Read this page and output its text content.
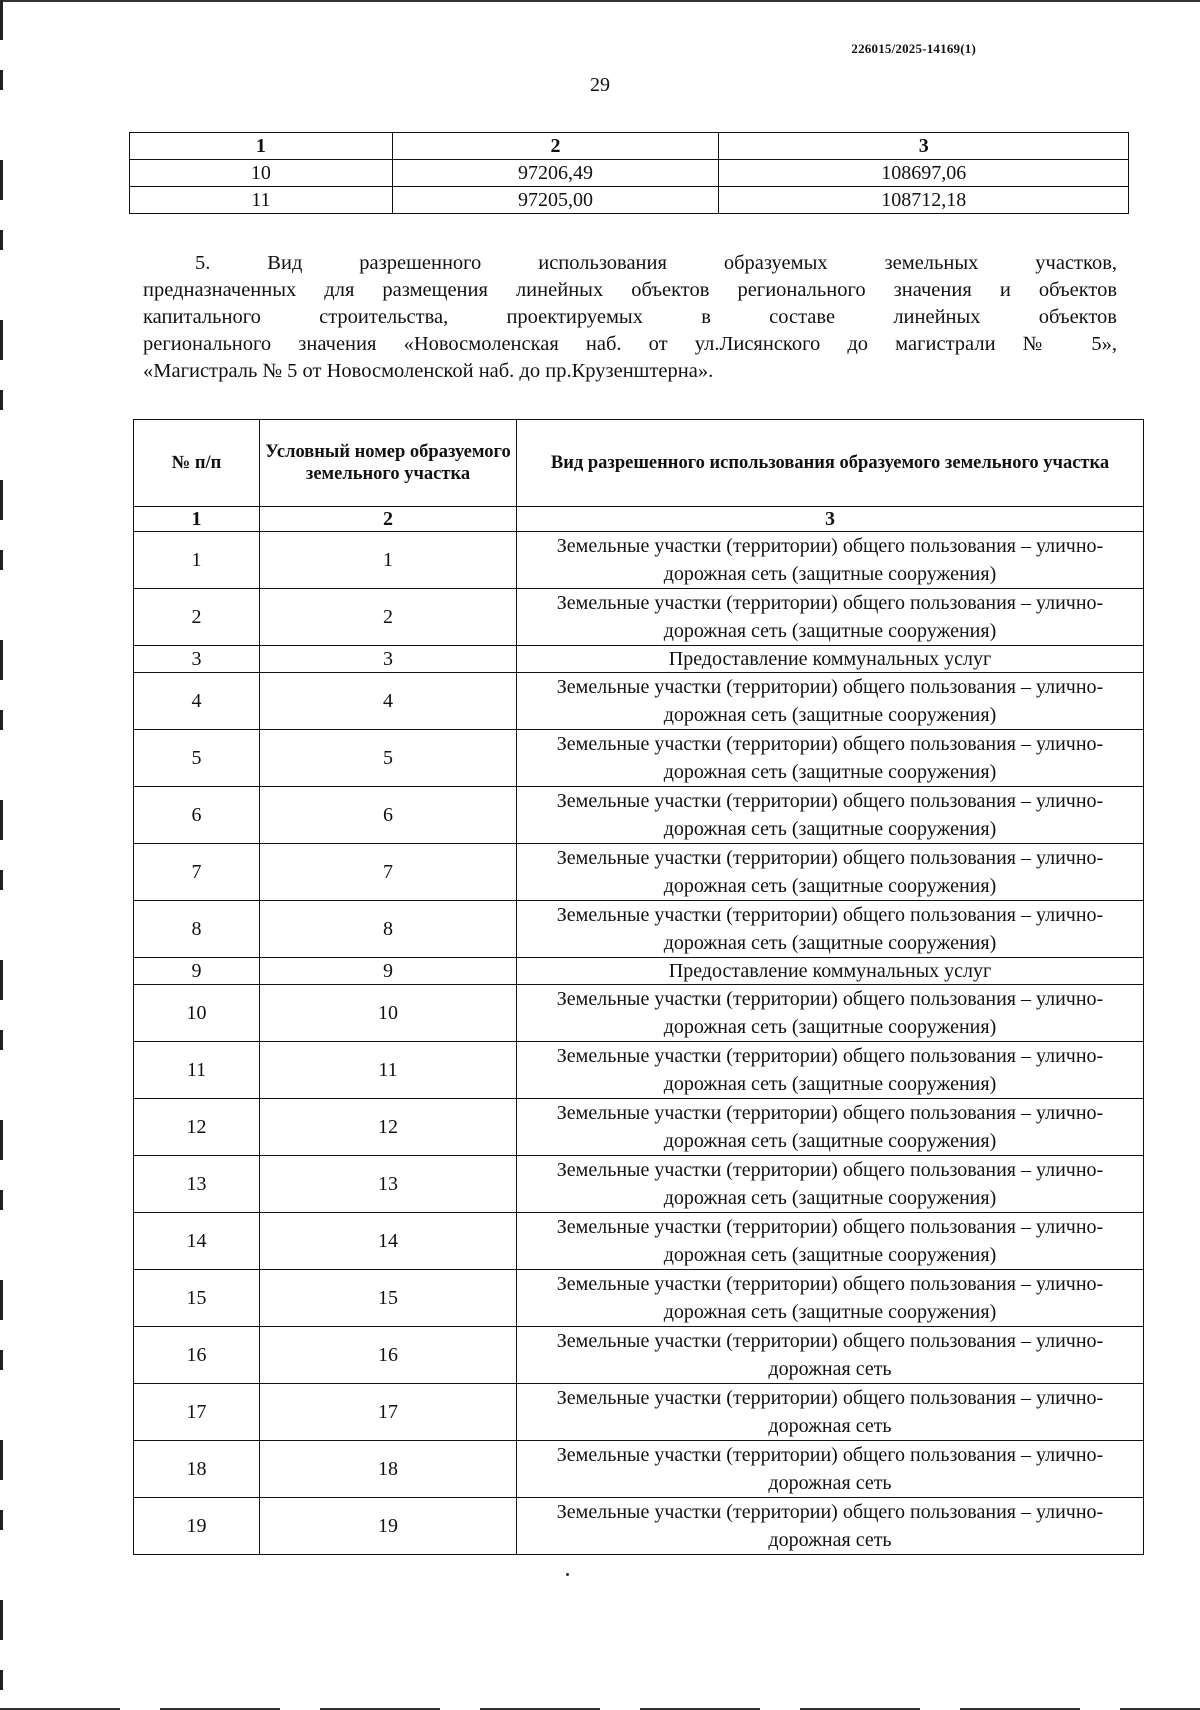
226015/2025-14169(1)
29
1	2	3
10	97206,49	108697,06
11	97205,00	108712,18
5. Вид разрешенного использования образуемых земельных участков,
предназначенных для размещения линейных объектов регионального значения и объектов
капитального строительства, проектируемых в составе линейных объектов
регионального значения «Новосмоленская наб. от ул.Лисянского до магистрали № 5»,
«Магистраль № 5 от Новосмоленской наб. до пр.Крузенштерна».
№ п/п	Условный номер образуемого земельного участка	Вид разрешенного использования образуемого земельного участка
1	2	3
1	1	Земельные участки (территории) общего пользования – улично-дорожная сеть (защитные сооружения)
2	2	Земельные участки (территории) общего пользования – улично-дорожная сеть (защитные сооружения)
3	3	Предоставление коммунальных услуг
4	4	Земельные участки (территории) общего пользования – улично-дорожная сеть (защитные сооружения)
5	5	Земельные участки (территории) общего пользования – улично-дорожная сеть (защитные сооружения)
6	6	Земельные участки (территории) общего пользования – улично-дорожная сеть (защитные сооружения)
7	7	Земельные участки (территории) общего пользования – улично-дорожная сеть (защитные сооружения)
8	8	Земельные участки (территории) общего пользования – улично-дорожная сеть (защитные сооружения)
9	9	Предоставление коммунальных услуг
10	10	Земельные участки (территории) общего пользования – улично-дорожная сеть (защитные сооружения)
11	11	Земельные участки (территории) общего пользования – улично-дорожная сеть (защитные сооружения)
12	12	Земельные участки (территории) общего пользования – улично-дорожная сеть (защитные сооружения)
13	13	Земельные участки (территории) общего пользования – улично-дорожная сеть (защитные сооружения)
14	14	Земельные участки (территории) общего пользования – улично-дорожная сеть (защитные сооружения)
15	15	Земельные участки (территории) общего пользования – улично-дорожная сеть (защитные сооружения)
16	16	Земельные участки (территории) общего пользования – улично-дорожная сеть
17	17	Земельные участки (территории) общего пользования – улично-дорожная сеть
18	18	Земельные участки (территории) общего пользования – улично-дорожная сеть
19	19	Земельные участки (территории) общего пользования – улично-дорожная сеть
